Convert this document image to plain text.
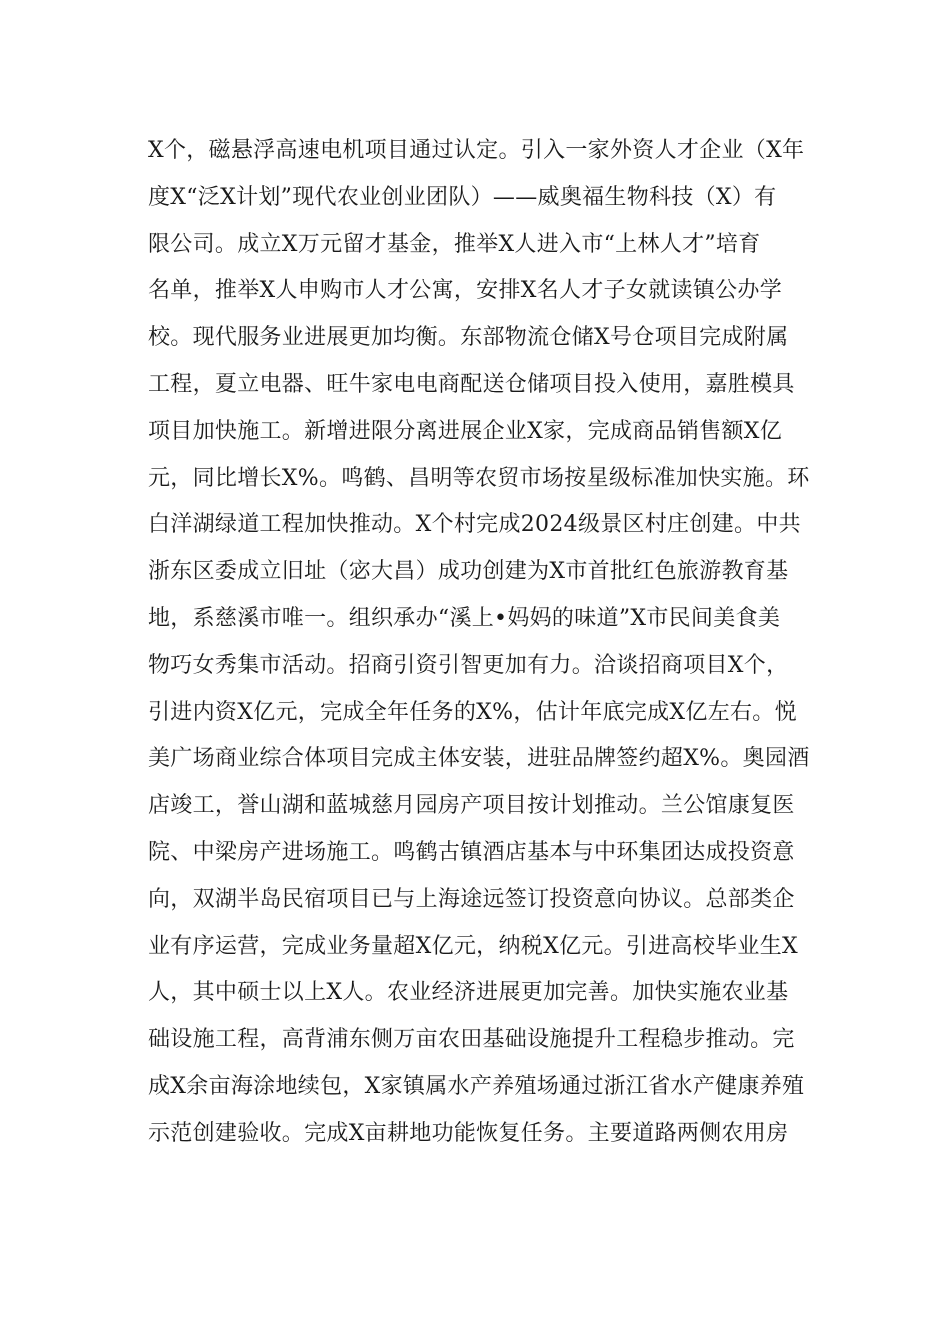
X个，磁悬浮高速电机项目通过认定。引入一家外资人才企业（X年
度X“泛X计划”现代农业创业团队）——威奥福生物科技（X）有
限公司。成立X万元留才基金，推举X人进入市“上林人才”培育
名单，推举X人申购市人才公寓，安排X名人才子女就读镇公办学
校。现代服务业进展更加均衡。东部物流仓储X号仓项目完成附属
工程，夏立电器、旺牛家电电商配送仓储项目投入使用，嘉胜模具
项目加快施工。新增进限分离进展企业X家，完成商品销售额X亿
元，同比增长X%。鸣鹤、昌明等农贸市场按星级标准加快实施。环
白洋湖绿道工程加快推动。X个村完成2024级景区村庄创建。中共
浙东区委成立旧址（宓大昌）成功创建为X市首批红色旅游教育基
地，系慈溪市唯一。组织承办“溪上•妈妈的味道”X市民间美食美
物巧女秀集市活动。招商引资引智更加有力。洽谈招商项目X个，
引进内资X亿元，完成全年任务的X%，估计年底完成X亿左右。悦
美广场商业综合体项目完成主体安装，进驻品牌签约超X%。奥园酒
店竣工，誉山湖和蓝城慈月园房产项目按计划推动。兰公馆康复医
院、中梁房产进场施工。鸣鹤古镇酒店基本与中环集团达成投资意
向，双湖半岛民宿项目已与上海途远签订投资意向协议。总部类企
业有序运营，完成业务量超X亿元，纳税X亿元。引进高校毕业生X
人，其中硕士以上X人。农业经济进展更加完善。加快实施农业基
础设施工程，高背浦东侧万亩农田基础设施提升工程稳步推动。完
成X余亩海涂地续包，X家镇属水产养殖场通过浙江省水产健康养殖
示范创建验收。完成X亩耕地功能恢复任务。主要道路两侧农用房
